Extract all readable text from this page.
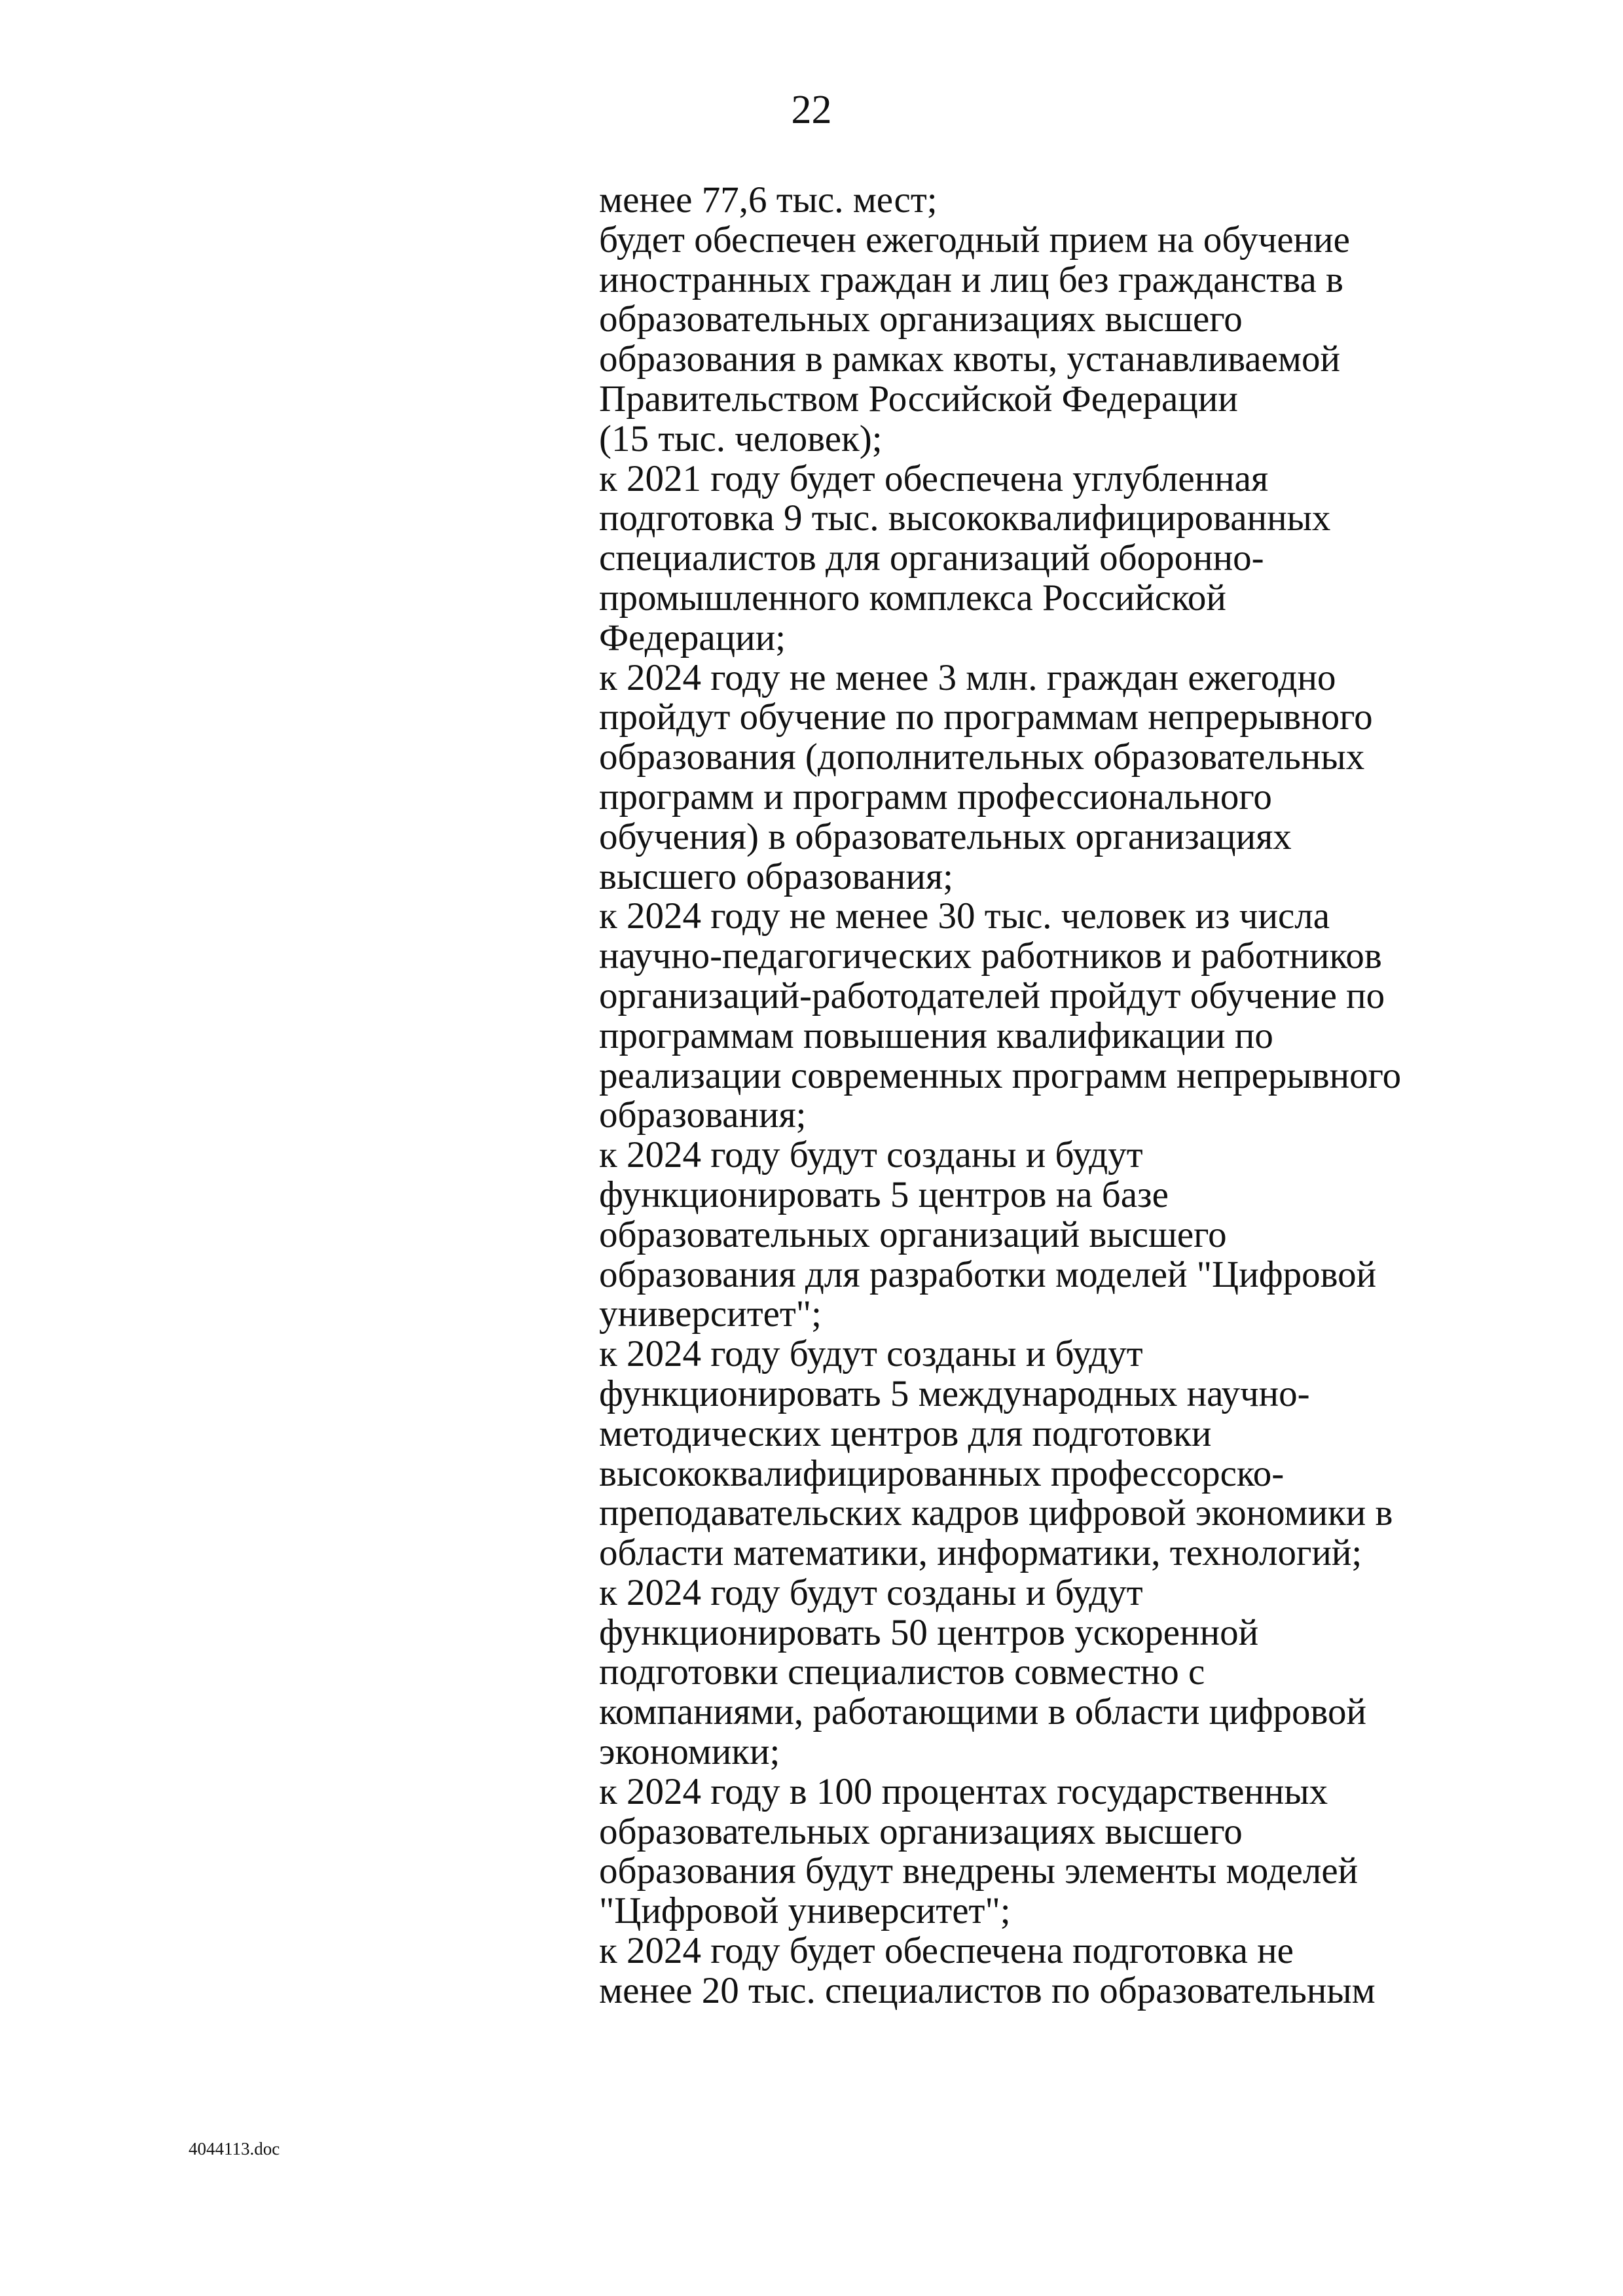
22
менее 77,6 тыс. мест;
будет обеспечен ежегодный прием на обучение
иностранных граждан и лиц без гражданства в
образовательных организациях высшего
образования в рамках квоты, устанавливаемой
Правительством Российской Федерации
(15 тыс. человек);
к 2021 году будет обеспечена углубленная
подготовка 9 тыс. высококвалифицированных
специалистов для организаций оборонно-
промышленного комплекса Российской
Федерации;
к 2024 году не менее 3 млн. граждан ежегодно
пройдут обучение по программам непрерывного
образования (дополнительных образовательных
программ и программ профессионального
обучения) в образовательных организациях
высшего образования;
к 2024 году не менее 30 тыс. человек из числа
научно-педагогических работников и работников
организаций-работодателей пройдут обучение по
программам повышения квалификации по
реализации современных программ непрерывного
образования;
к 2024 году будут созданы и будут
функционировать 5 центров на базе
образовательных организаций высшего
образования для разработки моделей "Цифровой
университет";
к 2024 году будут созданы и будут
функционировать 5 международных научно-
методических центров для подготовки
высококвалифицированных профессорско-
преподавательских кадров цифровой экономики в
области математики, информатики, технологий;
к 2024 году будут созданы и будут
функционировать 50 центров ускоренной
подготовки специалистов совместно с
компаниями, работающими в области цифровой
экономики;
к 2024 году в 100 процентах государственных
образовательных организациях высшего
образования будут внедрены элементы моделей
"Цифровой университет";
к 2024 году будет обеспечена подготовка не
менее 20 тыс. специалистов по образовательным
4044113.doc
